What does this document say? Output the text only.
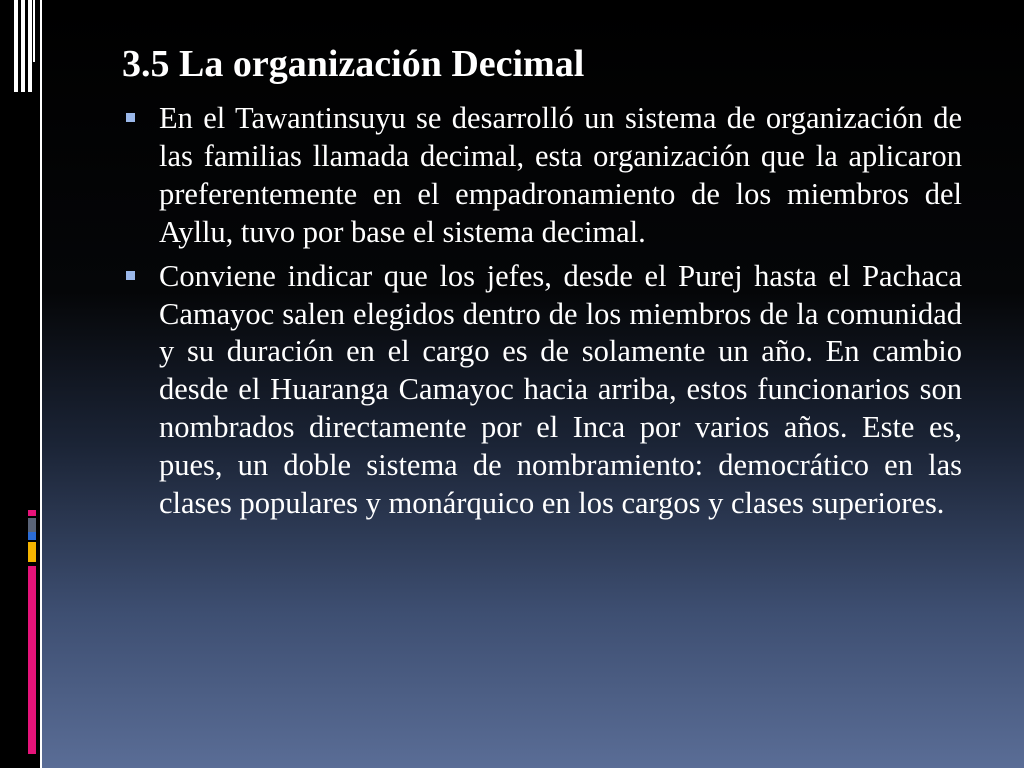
3.5 La organización Decimal
En el Tawantinsuyu se desarrolló un sistema de organización de las familias llamada decimal, esta organización que la aplicaron preferentemente en el empadronamiento de los miembros del Ayllu, tuvo por base el sistema decimal.
Conviene indicar que los jefes, desde el Purej hasta el Pachaca Camayoc salen elegidos dentro de los miembros de la comunidad y su duración en el cargo es de solamente un año. En cambio desde el Huaranga Camayoc hacia arriba, estos funcionarios son nombrados directamente por el Inca por varios años. Este es, pues, un doble sistema de nombramiento: democrático en las clases populares y monárquico en los cargos y clases superiores.
